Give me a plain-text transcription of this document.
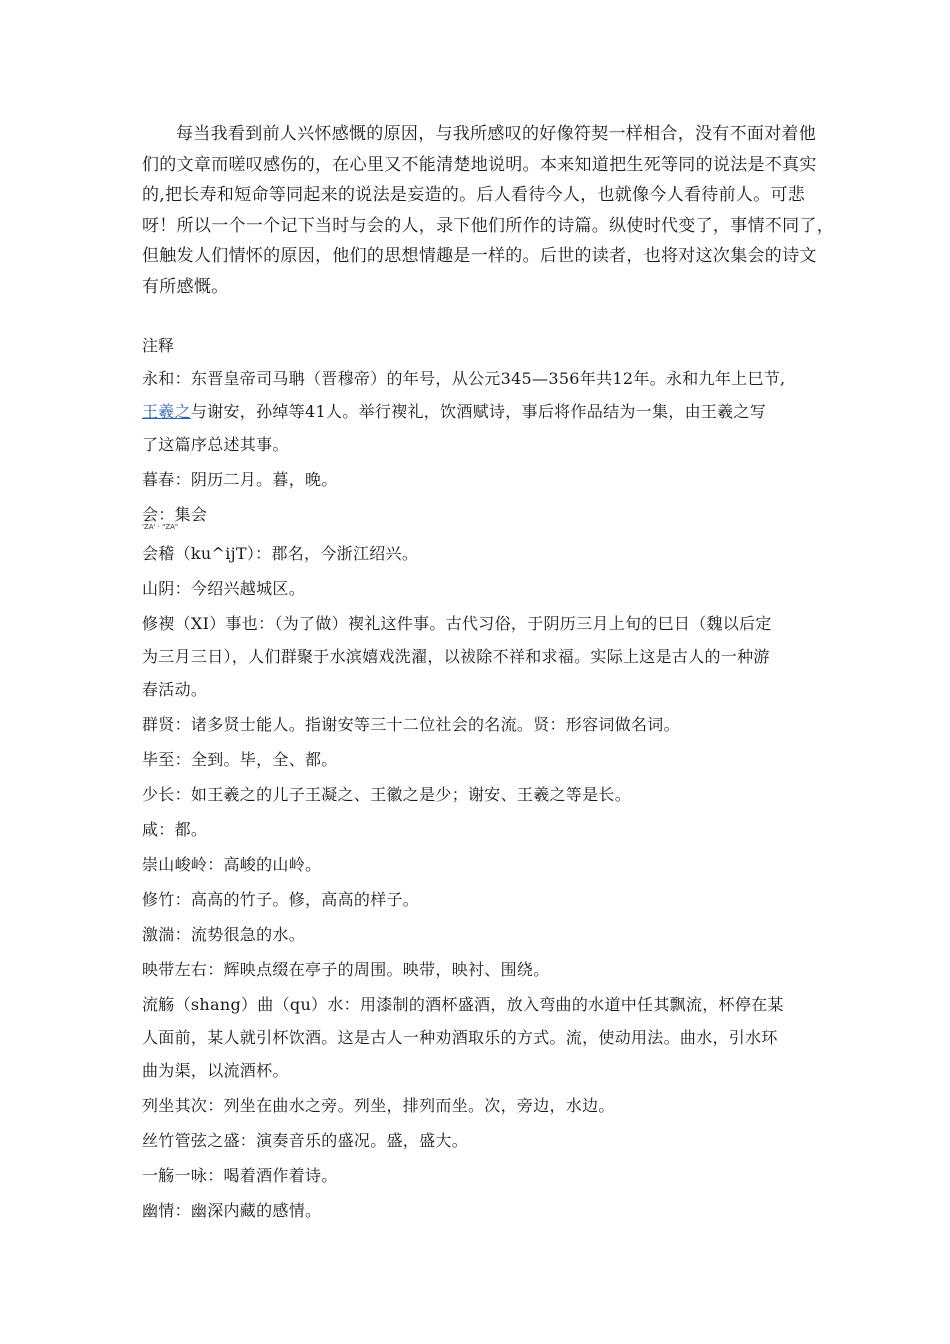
每当我看到前人兴怀感慨的原因，与我所感叹的好像符契一样相合，没有不面对着他
们的文章而嗟叹感伤的，在心里又不能清楚地说明。本来知道把生死等同的说法是不真实
的,把长寿和短命等同起来的说法是妄造的。后人看待今人，也就像今人看待前人。可悲
呀！所以一个一个记下当时与会的人，录下他们所作的诗篇。纵使时代变了，事情不同了，
但触发人们情怀的原因，他们的思想情趣是一样的。后世的读者，也将对这次集会的诗文
有所感慨。
注释
永和：东晋皇帝司马聃（晋穆帝）的年号，从公元345—356年共12年。永和九年上巳节,
王羲之与谢安，孙绰等41人。举行褉礼，饮酒赋诗，事后将作品结为一集，由王羲之写
了这篇序总述其事。
暮春：阴历二月。暮，晚。
会：集会
'ZA' · "ZA"
会稽（ku^ijT）：郡名，今浙江绍兴。
山阴：今绍兴越城区。
修褉（XI）事也：（为了做）褉礼这件事。古代习俗，于阴历三月上旬的巳日（魏以后定
为三月三日），人们群聚于水滨嬉戏洗濯，以祓除不祥和求福。实际上这是古人的一种游
春活动。
群贤：诸多贤士能人。指谢安等三十二位社会的名流。贤：形容词做名词。
毕至：全到。毕，全、都。
少长：如王羲之的儿子王凝之、王徽之是少；谢安、王羲之等是长。
咸：都。
崇山峻岭：高峻的山岭。
修竹：高高的竹子。修，高高的样子。
激湍：流势很急的水。
映带左右：辉映点缀在亭子的周围。映带，映衬、围绕。
流觞（shang）曲（qu）水：用漆制的酒杯盛酒，放入弯曲的水道中任其飘流，杯停在某
人面前，某人就引杯饮酒。这是古人一种劝酒取乐的方式。流，使动用法。曲水，引水环
曲为渠，以流酒杯。
列坐其次：列坐在曲水之旁。列坐，排列而坐。次，旁边，水边。
丝竹管弦之盛：演奏音乐的盛况。盛，盛大。
一觞一咏：喝着酒作着诗。
幽情：幽深内藏的感情。
